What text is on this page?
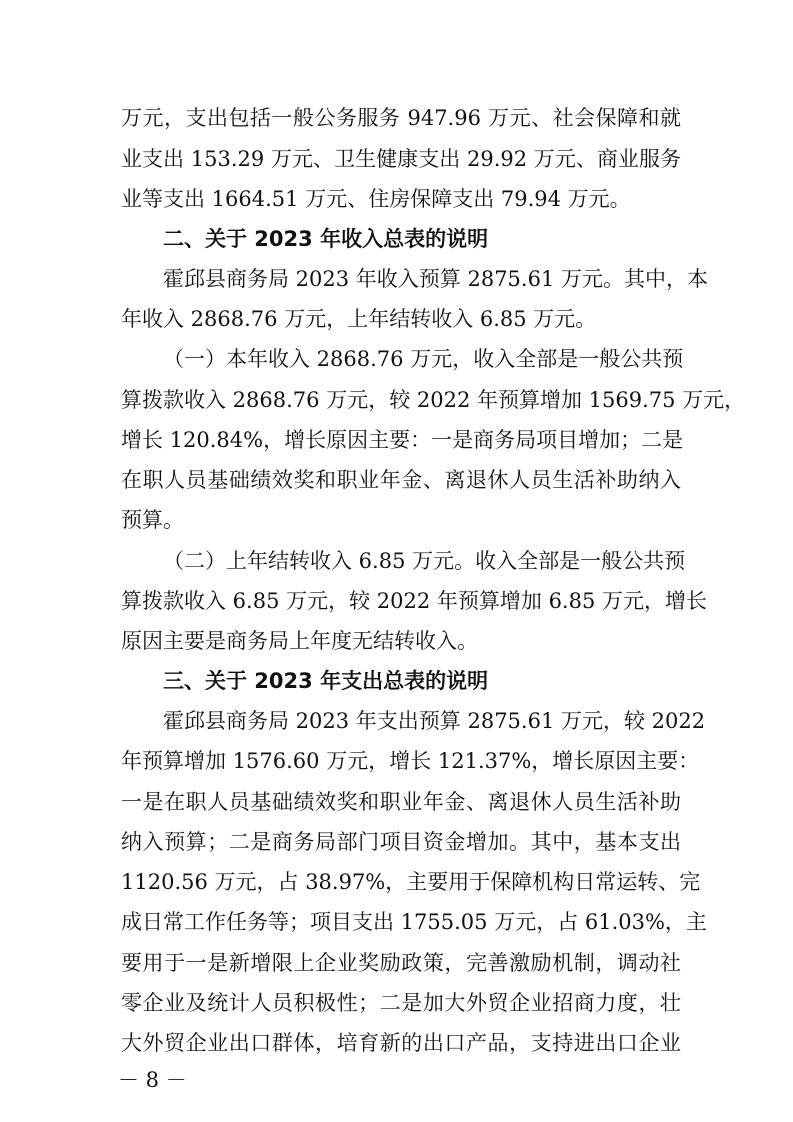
万元，支出包括一般公务服务 947.96 万元、社会保障和就
业支出 153.29 万元、卫生健康支出 29.92 万元、商业服务
业等支出 1664.51 万元、住房保障支出 79.94 万元。
二、关于 2023 年收入总表的说明
霍邱县商务局 2023 年收入预算 2875.61 万元。其中，本
年收入 2868.76 万元，上年结转收入 6.85 万元。
（一）本年收入 2868.76 万元，收入全部是一般公共预
算拨款收入 2868.76 万元，较 2022 年预算增加 1569.75 万元，
增长 120.84%，增长原因主要：一是商务局项目增加；二是
在职人员基础绩效奖和职业年金、离退休人员生活补助纳入
预算。
（二）上年结转收入 6.85 万元。收入全部是一般公共预
算拨款收入 6.85 万元，较 2022 年预算增加 6.85 万元，增长
原因主要是商务局上年度无结转收入。
三、关于 2023 年支出总表的说明
霍邱县商务局 2023 年支出预算 2875.61 万元，较 2022
年预算增加 1576.60 万元，增长 121.37%，增长原因主要：
一是在职人员基础绩效奖和职业年金、离退休人员生活补助
纳入预算；二是商务局部门项目资金增加。其中，基本支出
1120.56 万元，占 38.97%，主要用于保障机构日常运转、完
成日常工作任务等；项目支出 1755.05 万元，占 61.03%，主
要用于一是新增限上企业奖励政策，完善激励机制，调动社
零企业及统计人员积极性；二是加大外贸企业招商力度，壮
大外贸企业出口群体，培育新的出口产品，支持进出口企业
－ 8 －
